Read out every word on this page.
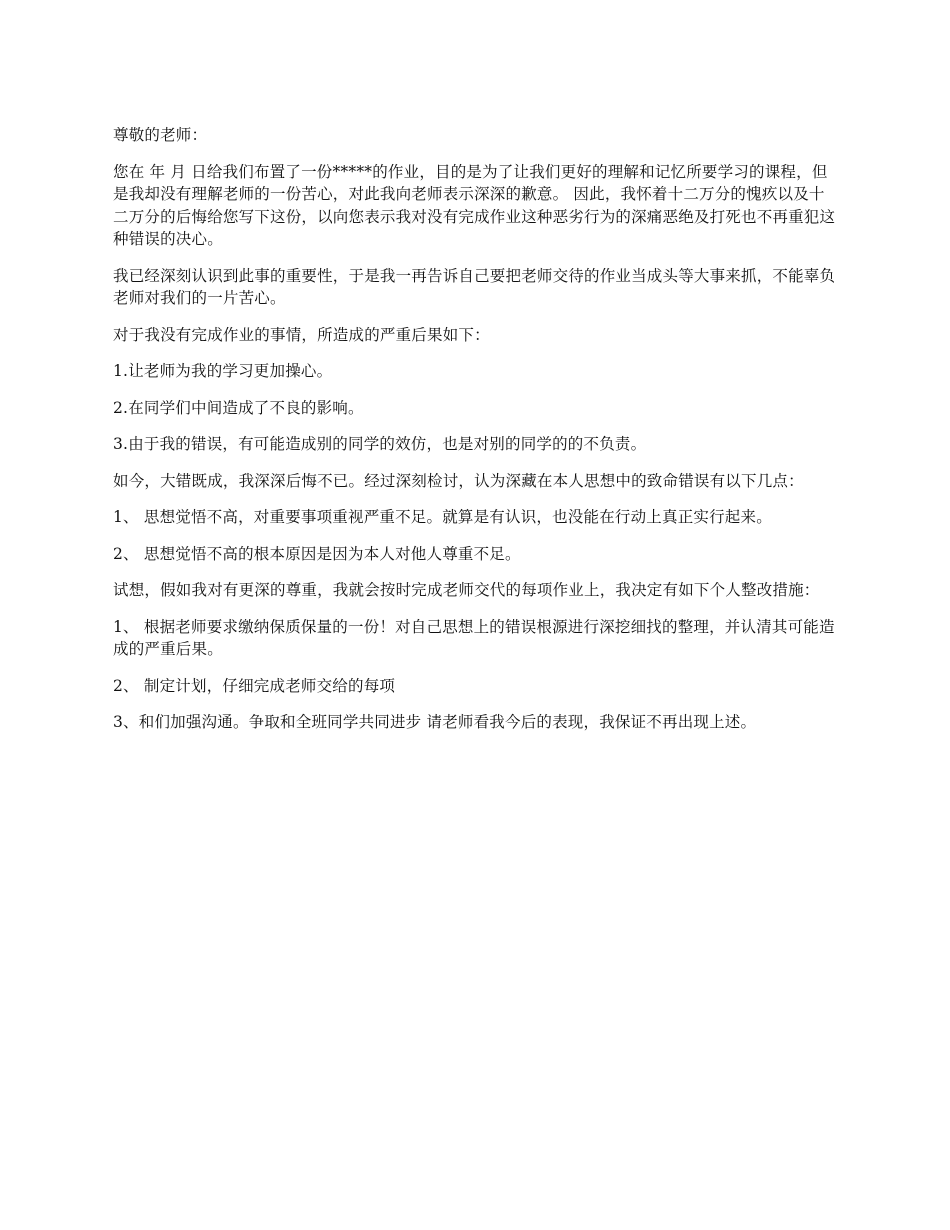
尊敬的老师：

您在 年 月 日给我们布置了一份*****的作业，目的是为了让我们更好的理解和记忆所要学习的课程，但是我却没有理解老师的一份苦心，对此我向老师表示深深的歉意。 因此，我怀着十二万分的愧疚以及十二万分的后悔给您写下这份，以向您表示我对没有完成作业这种恶劣行为的深痛恶绝及打死也不再重犯这种错误的决心。

我已经深刻认识到此事的重要性，于是我一再告诉自己要把老师交待的作业当成头等大事来抓，不能辜负老师对我们的一片苦心。

对于我没有完成作业的事情，所造成的严重后果如下：

1.让老师为我的学习更加操心。

2.在同学们中间造成了不良的影响。

3.由于我的错误，有可能造成别的同学的效仿，也是对别的同学的的不负责。

如今，大错既成，我深深后悔不已。经过深刻检讨，认为深藏在本人思想中的致命错误有以下几点：

1、 思想觉悟不高，对重要事项重视严重不足。就算是有认识，也没能在行动上真正实行起来。

2、 思想觉悟不高的根本原因是因为本人对他人尊重不足。

试想，假如我对有更深的尊重，我就会按时完成老师交代的每项作业上，我决定有如下个人整改措施：

1、 根据老师要求缴纳保质保量的一份！对自己思想上的错误根源进行深挖细找的整理，并认清其可能造成的严重后果。

2、 制定计划，仔细完成老师交给的每项

3、和们加强沟通。争取和全班同学共同进步 请老师看我今后的表现，我保证不再出现上述。
